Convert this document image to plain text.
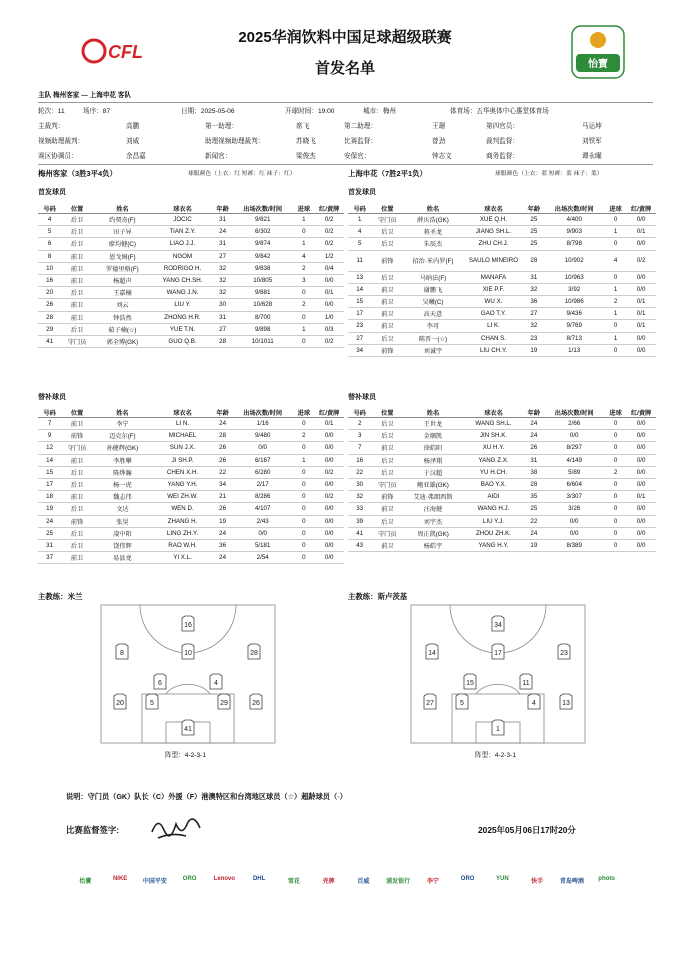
CFL
2025华润饮料中国足球超级联赛
首发名单	怡寶
主队 梅州客家 — 上海申花 客队
轮次：11	场序：87	日期：2025-05-06	开球时间：19:00	城市：梅州	体育场：五华奥体中心惠堂体育场
主裁判：	高鹏	第一助理：	席飞	第二助理：	王璟	第四官员：	马运坤
视频助理裁判：	刘威	助理视频助理裁判：	苏晓飞	比赛监督：	曾劲	裁判监督：	刘铁军
赛区协调员：	余昌嘉	新闻官：	梁俊杰	安保官：	钟志文	商务监督：	谭永曜
梅州客家（3胜3平4负）	球服颜色（上衣：红 短裤：红 袜子：红）	上海申花（7胜2平1负）	球服颜色（上衣：蓝 短裤：蓝 袜子：蓝）
首发球员	首发球员
号码	位置	姓名	球衣名	年龄	出场次数/时间	进球	红/黄牌
4	后卫	约契奇(F)	JOCIC	31	9/821	1	0/2
5	后卫	田子异	TIAN Z.Y.	24	6/302	0	0/2
6	后卫	廖均健(C)	LIAO J.J.	31	9/874	1	0/2
8	前卫	恩戈姆(F)	NGOM	27	9/842	4	1/2
10	前卫	罗德里格(F)	RODRIGO H.	32	9/838	2	0/4
16	前卫	杨超声	YANG CH.SH.	32	10/805	3	0/0
20	后卫	王嘉楠	WANG J.N.	32	9/881	0	0/1
26	前卫	刘云	LIU Y.	30	10/628	2	0/0
28	前卫	钟浩然	ZHONG H.R.	31	8/700	0	1/0
29	后卫	茹子楠(☆)	YUE T.N.	27	9/898	1	0/3
41	守门员	郭全博(GK)	GUO Q.B.	28	10/1011	0	0/2
号码	位置	姓名	球衣名	年龄	出场次数/时间	进球	红/黄牌
1	守门员	薛庆浩(GK)	XUE Q.H.	25	4/400	0	0/0
4	后卫	蒋圣龙	JIANG SH.L.	25	9/903	1	0/1
5	后卫	朱辰杰	ZHU CH.J.	25	8/798	0	0/0
11	前锋	招治·米内罗(F)	SAULO MINEIRO	28	10/902	4	0/2
13	后卫	马纳法(F)	MANAFA	31	10/963	0	0/0
14	前卫	谢鹏飞	XIE P.F.	32	3/92	1	0/0
15	前卫	吴曦(C)	WU X.	36	10/986	2	0/1
17	前卫	高天意	GAO T.Y.	27	9/436	1	0/1
23	前卫	李可	LI K.	32	9/769	0	0/1
27	后卫	陈晋一(☆)	CHAN S.	23	8/713	1	0/0
34	前锋	刘诚宇	LIU CH.Y.	19	1/13	0	0/0
替补球员	替补球员
号码	位置	姓名	球衣名	年龄	出场次数/时间	进球	红/黄牌
7	前卫	李宁	LI N.	24	1/16	0	0/1
9	前锋	迈克尔(F)	MICHAEL	28	9/480	2	0/0
12	守门员	孙健辉(GK)	SUN J.X.	26	0/0	0	0/0
14	前卫	李胜攀	JI SH.P.	26	6/167	1	0/0
15	后卫	陈烨瀚	CHEN X.H.	22	6/280	0	0/2
17	后卫	杨一虎	YANG Y.H.	34	2/17	0	0/0
18	前卫	魏志伟	WEI ZH.W.	21	8/286	0	0/2
19	后卫	文达	WEN D.	26	4/107	0	0/0
24	前锋	张昊	ZHANG H.	19	2/43	0	0/0
25	后卫	凌中阳	LING ZH.Y.	24	0/0	0	0/0
31	后卫	饶伟辉	RAO W.H.	36	5/181	0	0/0
37	前卫	易县龙	YI X.L.	24	2/54	0	0/0
号码	位置	姓名	球衣名	年龄	出场次数/时间	进球	红/黄牌
2	后卫	王世龙	WANG SH.L.	24	2/66	0	0/0
3	后卫	金顺凯	JIN SH.K.	24	0/0	0	0/0
7	前卫	徐皓阳	XU H.Y.	26	8/297	0	0/0
16	后卫	杨泽翔	YANG Z.X.	31	4/149	0	0/0
22	后卫	于汉超	YU H.CH.	38	5/89	2	0/0
30	守门员	鲍亚雄(GK)	BAO Y.X.	28	6/604	0	0/0
32	前锋	艾迪·弗朗西斯	AIDI	35	3/307	0	0/1
33	前卫	汪海健	WANG H.J.	25	3/26	0	0/0
39	后卫	刘宇杰	LIU Y.J.	22	0/0	0	0/0
41	守门员	周正凯(GK)	ZHOU ZH.K.	24	0/0	0	0/0
43	前卫	杨皓宇	YANG H.Y.	19	8/389	0	0/0
主教练：米兰	主教练：斯卢茨基
16
8	10	28
6	4
20	5	29	26
41
34
14	17	23
15	11
27	5	4	13
1
阵型：4-2-3-1	阵型：4-2-3-1
说明：守门员（GK）队长（C）外援（F）港澳特区和台湾地区球员（☆）超龄球员（◦）
比赛监督签字:	2025年05月06日17时20分
怡寶	NIKE	中国平安	ORO	Lenovo	DHL	雪花	壳牌	百威	浦发银行	李宁	ORO	YUN	快手	青岛啤酒	photo
